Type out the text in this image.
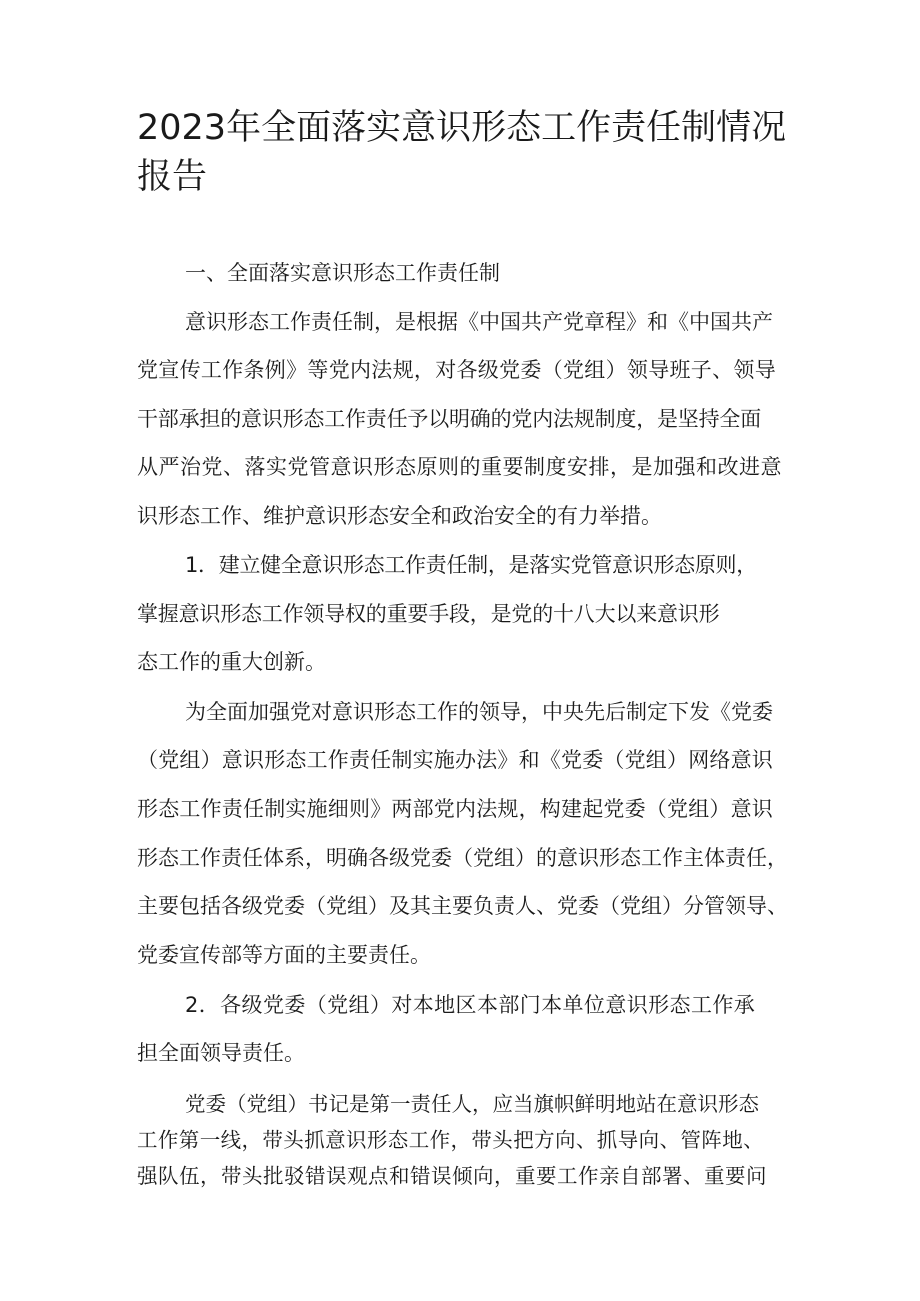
2023年全面落实意识形态工作责任制情况报告

一、全面落实意识形态工作责任制

意识形态工作责任制，是根据《中国共产党章程》和《中国共产

党宣传工作条例》等党内法规，对各级党委（党组）领导班子、领导

干部承担的意识形态工作责任予以明确的党内法规制度，是坚持全面

从严治党、落实党管意识形态原则的重要制度安排，是加强和改进意

识形态工作、维护意识形态安全和政治安全的有力举措。

1．建立健全意识形态工作责任制，是落实党管意识形态原则，

掌握意识形态工作领导权的重要手段，是党的十八大以来意识形

态工作的重大创新。

为全面加强党对意识形态工作的领导，中央先后制定下发《党委

（党组）意识形态工作责任制实施办法》和《党委（党组）网络意识

形态工作责任制实施细则》两部党内法规，构建起党委（党组）意识

形态工作责任体系，明确各级党委（党组）的意识形态工作主体责任，

主要包括各级党委（党组）及其主要负责人、党委（党组）分管领导、

党委宣传部等方面的主要责任。

2．各级党委（党组）对本地区本部门本单位意识形态工作承

担全面领导责任。

党委（党组）书记是第一责任人，应当旗帜鲜明地站在意识形态

工作第一线，带头抓意识形态工作，带头把方向、抓导向、管阵地、

强队伍，带头批驳错误观点和错误倾向，重要工作亲自部署、重要问
